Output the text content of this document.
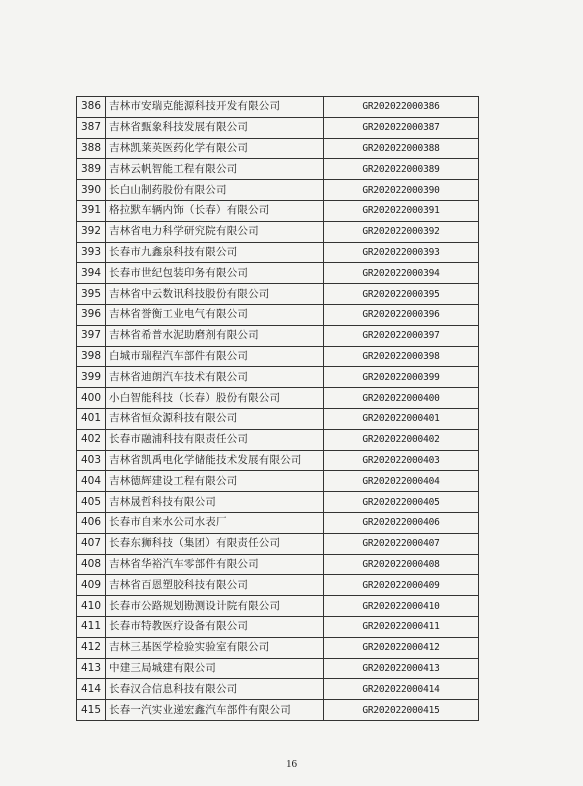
386	吉林市安瑞克能源科技开发有限公司	GR202022000386
387	吉林省甄象科技发展有限公司	GR202022000387
388	吉林凯莱英医药化学有限公司	GR202022000388
389	吉林云帆智能工程有限公司	GR202022000389
390	长白山制药股份有限公司	GR202022000390
391	格拉默车辆内饰（长春）有限公司	GR202022000391
392	吉林省电力科学研究院有限公司	GR202022000392
393	长春市九鑫泉科技有限公司	GR202022000393
394	长春市世纪包装印务有限公司	GR202022000394
395	吉林省中云数讯科技股份有限公司	GR202022000395
396	吉林省誉衡工业电气有限公司	GR202022000396
397	吉林省希普水泥助磨剂有限公司	GR202022000397
398	白城市瑞程汽车部件有限公司	GR202022000398
399	吉林省迪朗汽车技术有限公司	GR202022000399
400	小白智能科技（长春）股份有限公司	GR202022000400
401	吉林省恒众源科技有限公司	GR202022000401
402	长春市融浦科技有限责任公司	GR202022000402
403	吉林省凯禹电化学储能技术发展有限公司	GR202022000403
404	吉林德辉建设工程有限公司	GR202022000404
405	吉林晟哲科技有限公司	GR202022000405
406	长春市自来水公司水表厂	GR202022000406
407	长春东狮科技（集团）有限责任公司	GR202022000407
408	吉林省华裕汽车零部件有限公司	GR202022000408
409	吉林省百恩塑胶科技有限公司	GR202022000409
410	长春市公路规划勘测设计院有限公司	GR202022000410
411	长春市特教医疗设备有限公司	GR202022000411
412	吉林三基医学检验实验室有限公司	GR202022000412
413	中建三局城建有限公司	GR202022000413
414	长春汉合信息科技有限公司	GR202022000414
415	长春一汽实业递宏鑫汽车部件有限公司	GR202022000415
16
